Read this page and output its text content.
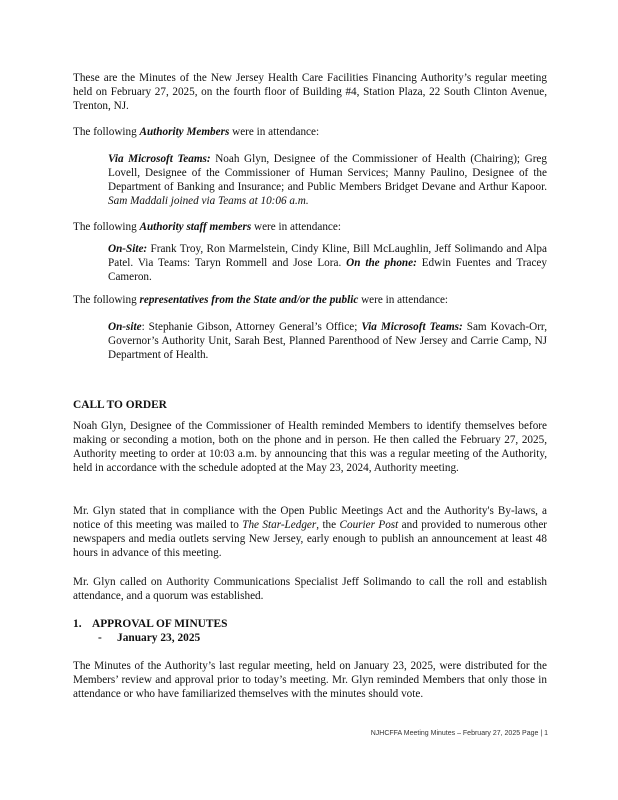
These are the Minutes of the New Jersey Health Care Facilities Financing Authority’s regular meeting held on February 27, 2025, on the fourth floor of Building #4, Station Plaza, 22 South Clinton Avenue, Trenton, NJ.

The following Authority Members were in attendance:

Via Microsoft Teams: Noah Glyn, Designee of the Commissioner of Health (Chairing); Greg Lovell, Designee of the Commissioner of Human Services; Manny Paulino, Designee of the Department of Banking and Insurance; and Public Members Bridget Devane and Arthur Kapoor. Sam Maddali joined via Teams at 10:06 a.m.

The following Authority staff members were in attendance:

On-Site: Frank Troy, Ron Marmelstein, Cindy Kline, Bill McLaughlin, Jeff Solimando and Alpa Patel. Via Teams: Taryn Rommell and Jose Lora. On the phone: Edwin Fuentes and Tracey Cameron.

The following representatives from the State and/or the public were in attendance:

On-site: Stephanie Gibson, Attorney General’s Office; Via Microsoft Teams: Sam Kovach-Orr, Governor’s Authority Unit, Sarah Best, Planned Parenthood of New Jersey and Carrie Camp, NJ Department of Health.

CALL TO ORDER

Noah Glyn, Designee of the Commissioner of Health reminded Members to identify themselves before making or seconding a motion, both on the phone and in person. He then called the February 27, 2025, Authority meeting to order at 10:03 a.m. by announcing that this was a regular meeting of the Authority, held in accordance with the schedule adopted at the May 23, 2024, Authority meeting.

Mr. Glyn stated that in compliance with the Open Public Meetings Act and the Authority's By-laws, a notice of this meeting was mailed to The Star-Ledger, the Courier Post and provided to numerous other newspapers and media outlets serving New Jersey, early enough to publish an announcement at least 48 hours in advance of this meeting.

Mr. Glyn called on Authority Communications Specialist Jeff Solimando to call the roll and establish attendance, and a quorum was established.

1. APPROVAL OF MINUTES

- January 23, 2025

The Minutes of the Authority’s last regular meeting, held on January 23, 2025, were distributed for the Members’ review and approval prior to today’s meeting. Mr. Glyn reminded Members that only those in attendance or who have familiarized themselves with the minutes should vote.

NJHCFFA Meeting Minutes – February 27, 2025 Page | 1
